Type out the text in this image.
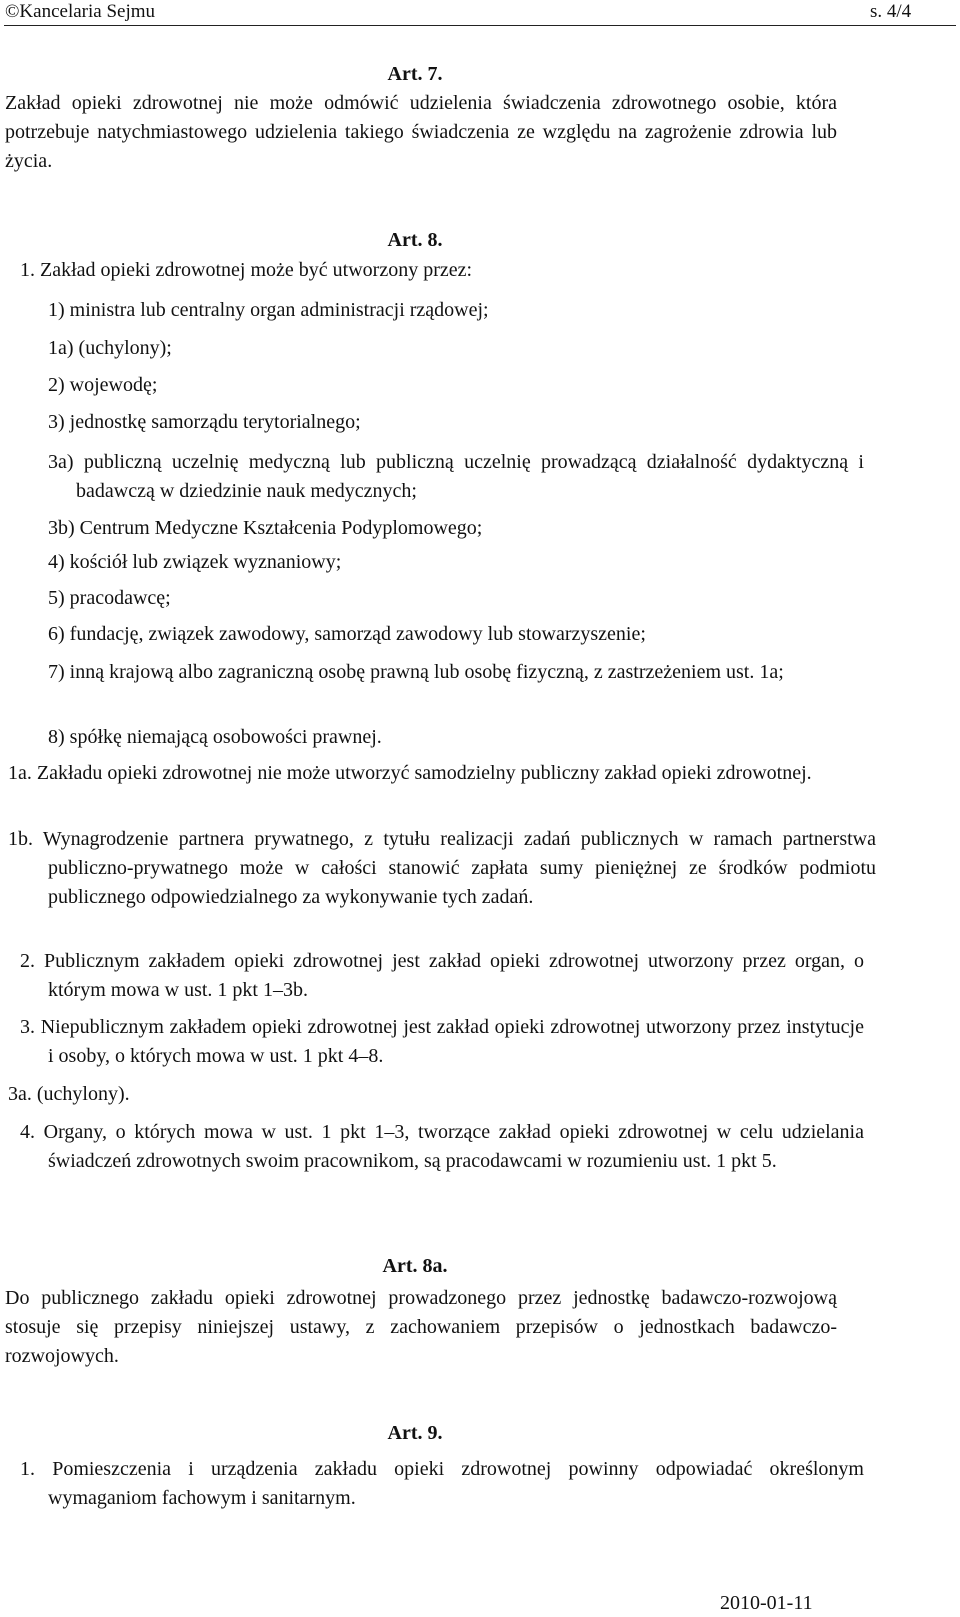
©Kancelaria Sejmu	s. 4/4
Art. 7.

Zakład opieki zdrowotnej nie może odmówić udzielenia świadczenia zdrowotnego osobie, która potrzebuje natychmiastowego udzielenia takiego świadczenia ze względu na zagrożenie zdrowia lub życia.

Art. 8.

1. Zakład opieki zdrowotnej może być utworzony przez:

1) ministra lub centralny organ administracji rządowej;

1a) (uchylony);

2) wojewodę;

3) jednostkę samorządu terytorialnego;

3a) publiczną uczelnię medyczną lub publiczną uczelnię prowadzącą działalność dydaktyczną i badawczą w dziedzinie nauk medycznych;

3b) Centrum Medyczne Kształcenia Podyplomowego;

4) kościół lub związek wyznaniowy;

5) pracodawcę;

6) fundację, związek zawodowy, samorząd zawodowy lub stowarzyszenie;

7) inną krajową albo zagraniczną osobę prawną lub osobę fizyczną, z zastrzeżeniem ust. 1a;

8) spółkę niemającą osobowości prawnej.

1a. Zakładu opieki zdrowotnej nie może utworzyć samodzielny publiczny zakład opieki zdrowotnej.

1b. Wynagrodzenie partnera prywatnego, z tytułu realizacji zadań publicznych w ramach partnerstwa publiczno-prywatnego może w całości stanowić zapłata sumy pieniężnej ze środków podmiotu publicznego odpowiedzialnego za wykonywanie tych zadań.

2. Publicznym zakładem opieki zdrowotnej jest zakład opieki zdrowotnej utworzony przez organ, o którym mowa w ust. 1 pkt 1–3b.

3. Niepublicznym zakładem opieki zdrowotnej jest zakład opieki zdrowotnej utworzony przez instytucje i osoby, o których mowa w ust. 1 pkt 4–8.

3a. (uchylony).

4. Organy, o których mowa w ust. 1 pkt 1–3, tworzące zakład opieki zdrowotnej w celu udzielania świadczeń zdrowotnych swoim pracownikom, są pracodawcami w rozumieniu ust. 1 pkt 5.

Art. 8a.

Do publicznego zakładu opieki zdrowotnej prowadzonego przez jednostkę badawczo-rozwojową stosuje się przepisy niniejszej ustawy, z zachowaniem przepisów o jednostkach badawczo-rozwojowych.

Art. 9.

1. Pomieszczenia i urządzenia zakładu opieki zdrowotnej powinny odpowiadać określonym wymaganiom fachowym i sanitarnym.

2010-01-11
